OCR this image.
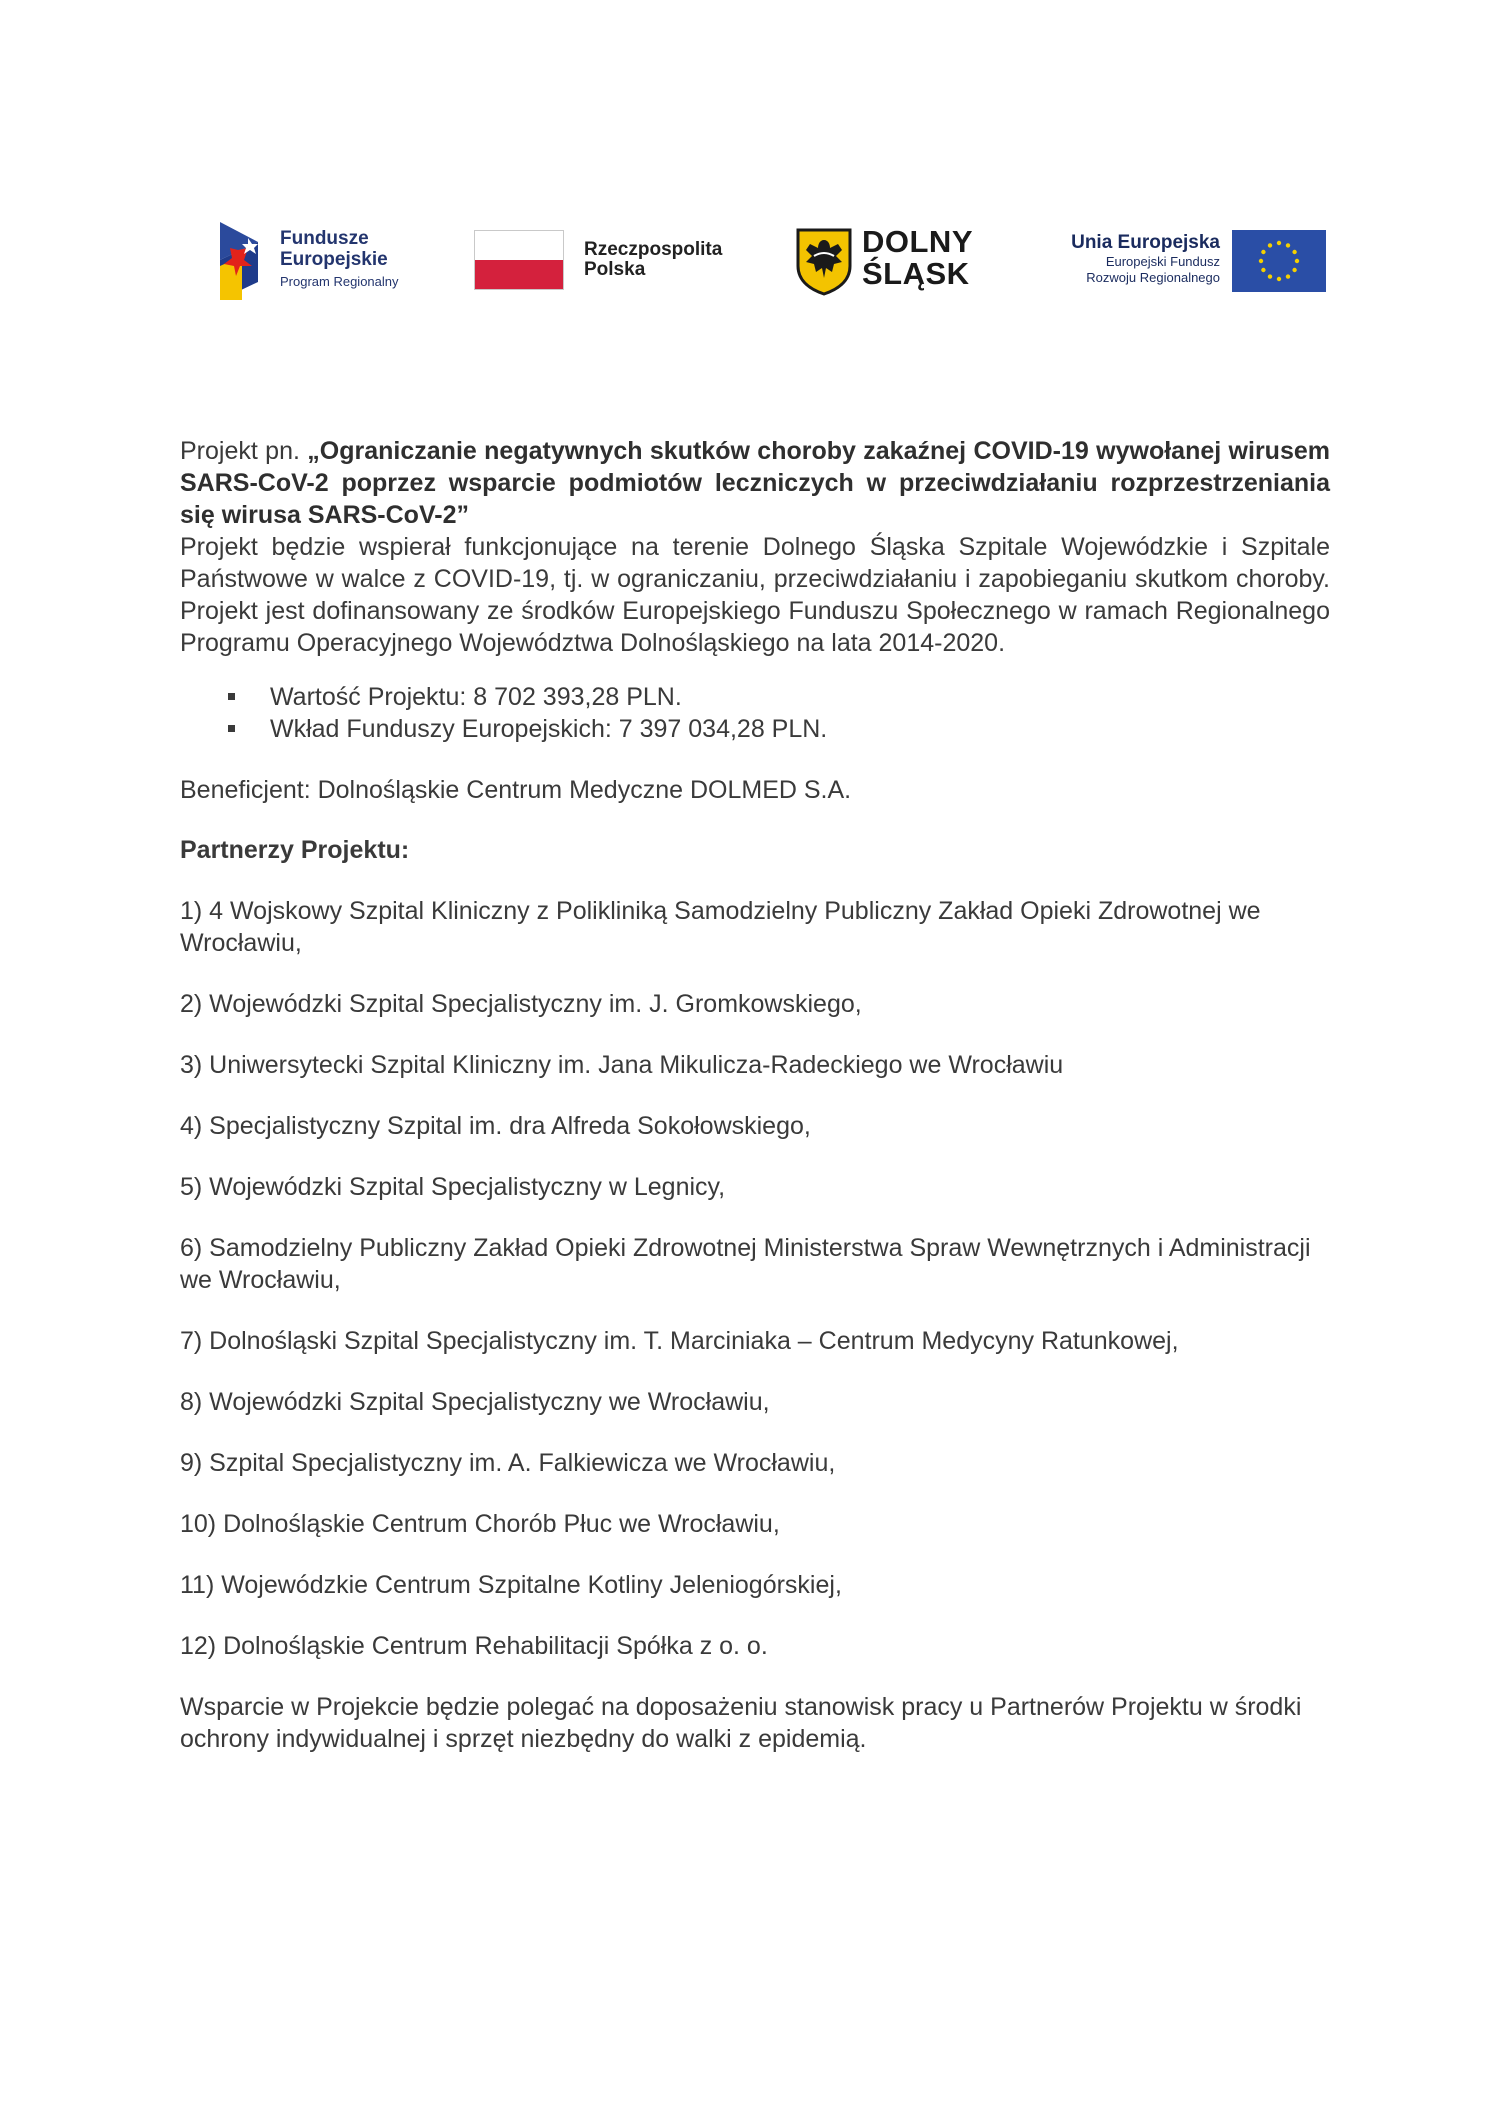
Fundusze
Europejskie
Program Regionalny
Rzeczpospolita
Polska
DOLNY
ŚLĄSK
Unia Europejska
Europejski Fundusz
Rozwoju Regionalnego

Projekt pn. „Ograniczanie negatywnych skutków choroby zakaźnej COVID-19 wywołanej wirusem SARS-CoV-2 poprzez wsparcie podmiotów leczniczych w przeciwdziałaniu rozprzestrzeniania się wirusa SARS-CoV-2”
Projekt będzie wspierał funkcjonujące na terenie Dolnego Śląska Szpitale Wojewódzkie i Szpitale Państwowe w walce z COVID-19, tj. w ograniczaniu, przeciwdziałaniu i zapobieganiu skutkom choroby. Projekt jest dofinansowany ze środków Europejskiego Funduszu Społecznego w ramach Regionalnego Programu Operacyjnego Województwa Dolnośląskiego na lata 2014-2020.

Wartość Projektu: 8 702 393,28 PLN.
Wkład Funduszy Europejskich: 7 397 034,28 PLN.

Beneficjent: Dolnośląskie Centrum Medyczne DOLMED S.A.

Partnerzy Projektu:

1) 4 Wojskowy Szpital Kliniczny z Polikliniką Samodzielny Publiczny Zakład Opieki Zdrowotnej we Wrocławiu,

2) Wojewódzki Szpital Specjalistyczny im. J. Gromkowskiego,

3) Uniwersytecki Szpital Kliniczny im. Jana Mikulicza-Radeckiego we Wrocławiu

4) Specjalistyczny Szpital im. dra Alfreda Sokołowskiego,

5) Wojewódzki Szpital Specjalistyczny w Legnicy,

6) Samodzielny Publiczny Zakład Opieki Zdrowotnej Ministerstwa Spraw Wewnętrznych i Administracji we Wrocławiu,

7) Dolnośląski Szpital Specjalistyczny im. T. Marciniaka – Centrum Medycyny Ratunkowej,

8) Wojewódzki Szpital Specjalistyczny we Wrocławiu,

9) Szpital Specjalistyczny im. A. Falkiewicza we Wrocławiu,

10) Dolnośląskie Centrum Chorób Płuc we Wrocławiu,

11) Wojewódzkie Centrum Szpitalne Kotliny Jeleniogórskiej,

12) Dolnośląskie Centrum Rehabilitacji Spółka z o. o.

Wsparcie w Projekcie będzie polegać na doposażeniu stanowisk pracy u Partnerów Projektu w środki ochrony indywidualnej i sprzęt niezbędny do walki z epidemią.
